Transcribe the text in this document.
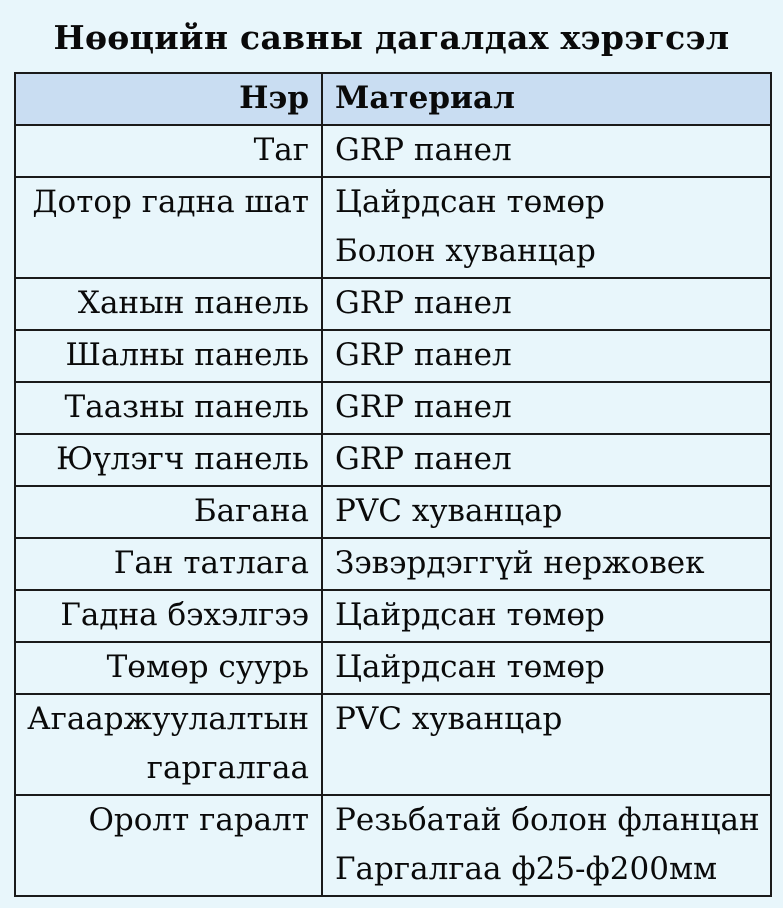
Нөөцийн савны дагалдах хэрэгсэл
Нэр	Материал

Таг	GRP панел

Дотор гадна шат	Цайрдсан төмөр
Болон хуванцар

Ханын панель	GRP панел

Шалны панель	GRP панел

Таазны панель	GRP панел

Юүлэгч панель	GRP панел

Багана	PVC хуванцар

Ган татлага	Зэвэрдэггүй нержовек

Гадна бэхэлгээ	Цайрдсан төмөр

Төмөр суурь	Цайрдсан төмөр

Агааржуулалтын
гаргалгаа	PVC хуванцар

Оролт гаралт	Резьбатай болон фланцан
Гаргалгаа ф25-ф200мм
